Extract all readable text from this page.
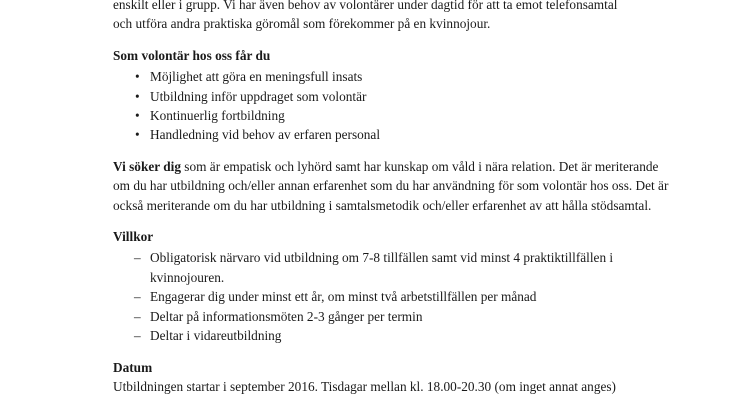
enskilt eller i grupp. Vi har även behov av volontärer under dagtid för att ta emot telefonsamtal
och utföra andra praktiska göromål som förekommer på en kvinnojour.

Som volontär hos oss får du

• Möjlighet att göra en meningsfull insats
• Utbildning inför uppdraget som volontär
• Kontinuerlig fortbildning
• Handledning vid behov av erfaren personal

Vi söker dig som är empatisk och lyhörd samt har kunskap om våld i nära relation. Det är meriterande om du har utbildning och/eller annan erfarenhet som du har användning för som volontär hos oss. Det är också meriterande om du har utbildning i samtalsmetodik och/eller erfarenhet av att hålla stödsamtal.

Villkor

– Obligatorisk närvaro vid utbildning om 7-8 tillfällen samt vid minst 4 praktiktillfällen i kvinnojouren.
– Engagerar dig under minst ett år, om minst två arbetstillfällen per månad
– Deltar på informationsmöten 2-3 gånger per termin
– Deltar i vidareutbildning

Datum

Utbildningen startar i september 2016. Tisdagar mellan kl. 18.00-20.30 (om inget annat anges)
